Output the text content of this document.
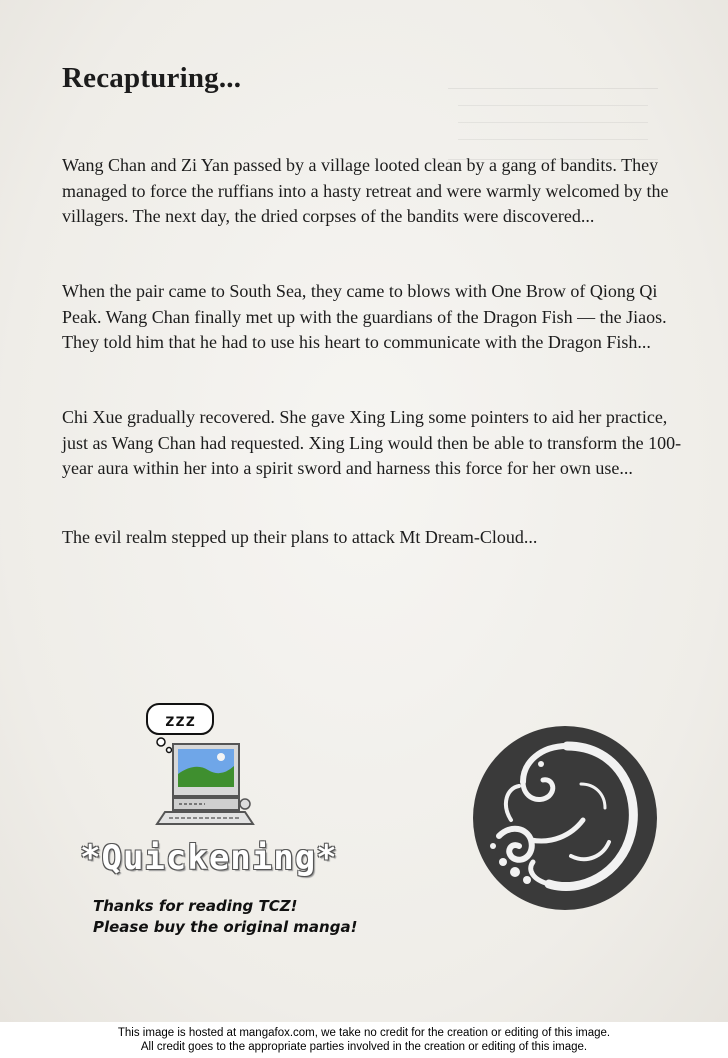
Recapturing...

Wang Chan and Zi Yan passed by a village looted clean by a gang of bandits. They managed to force the ruffians into a hasty retreat and were warmly welcomed by the villagers. The next day, the dried corpses of the bandits were discovered...

When the pair came to South Sea, they came to blows with One Brow of Qiong Qi Peak. Wang Chan finally met up with the guardians of the Dragon Fish — the Jiaos. They told him that he had to use his heart to communicate with the Dragon Fish...

Chi Xue gradually recovered. She gave Xing Ling some pointers to aid her practice, just as Wang Chan had requested. Xing Ling would then be able to transform the 100-year aura within her into a spirit sword and harness this force for her own use...

The evil realm stepped up their plans to attack Mt Dream-Cloud...

zzz
*Quickening*
Thanks for reading TCZ!
Please buy the original manga!
This image is hosted at mangafox.com, we take no credit for the creation or editing of this image.
All credit goes to the appropriate parties involved in the creation or editing of this image.
